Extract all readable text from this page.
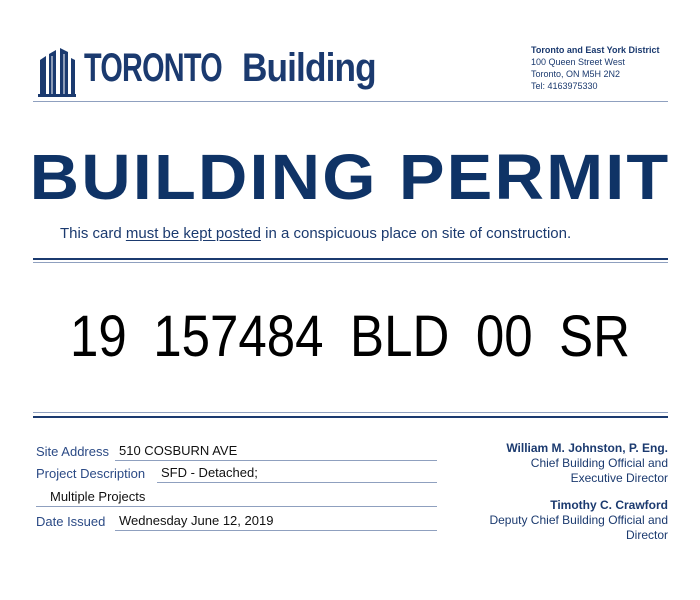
TORONTO Building	Toronto and East York District
100 Queen Street West
Toronto, ON M5H 2N2
Tel: 4163975330
BUILDING PERMIT
This card must be kept posted in a conspicuous place on site of construction.
19 157484 BLD 00 SR
Site Address 510 COSBURN AVE
Project Description SFD - Detached;
Multiple Projects
Date Issued Wednesday June 12, 2019
William M. Johnston, P. Eng.
Chief Building Official and
Executive Director
Timothy C. Crawford
Deputy Chief Building Official and
Director
